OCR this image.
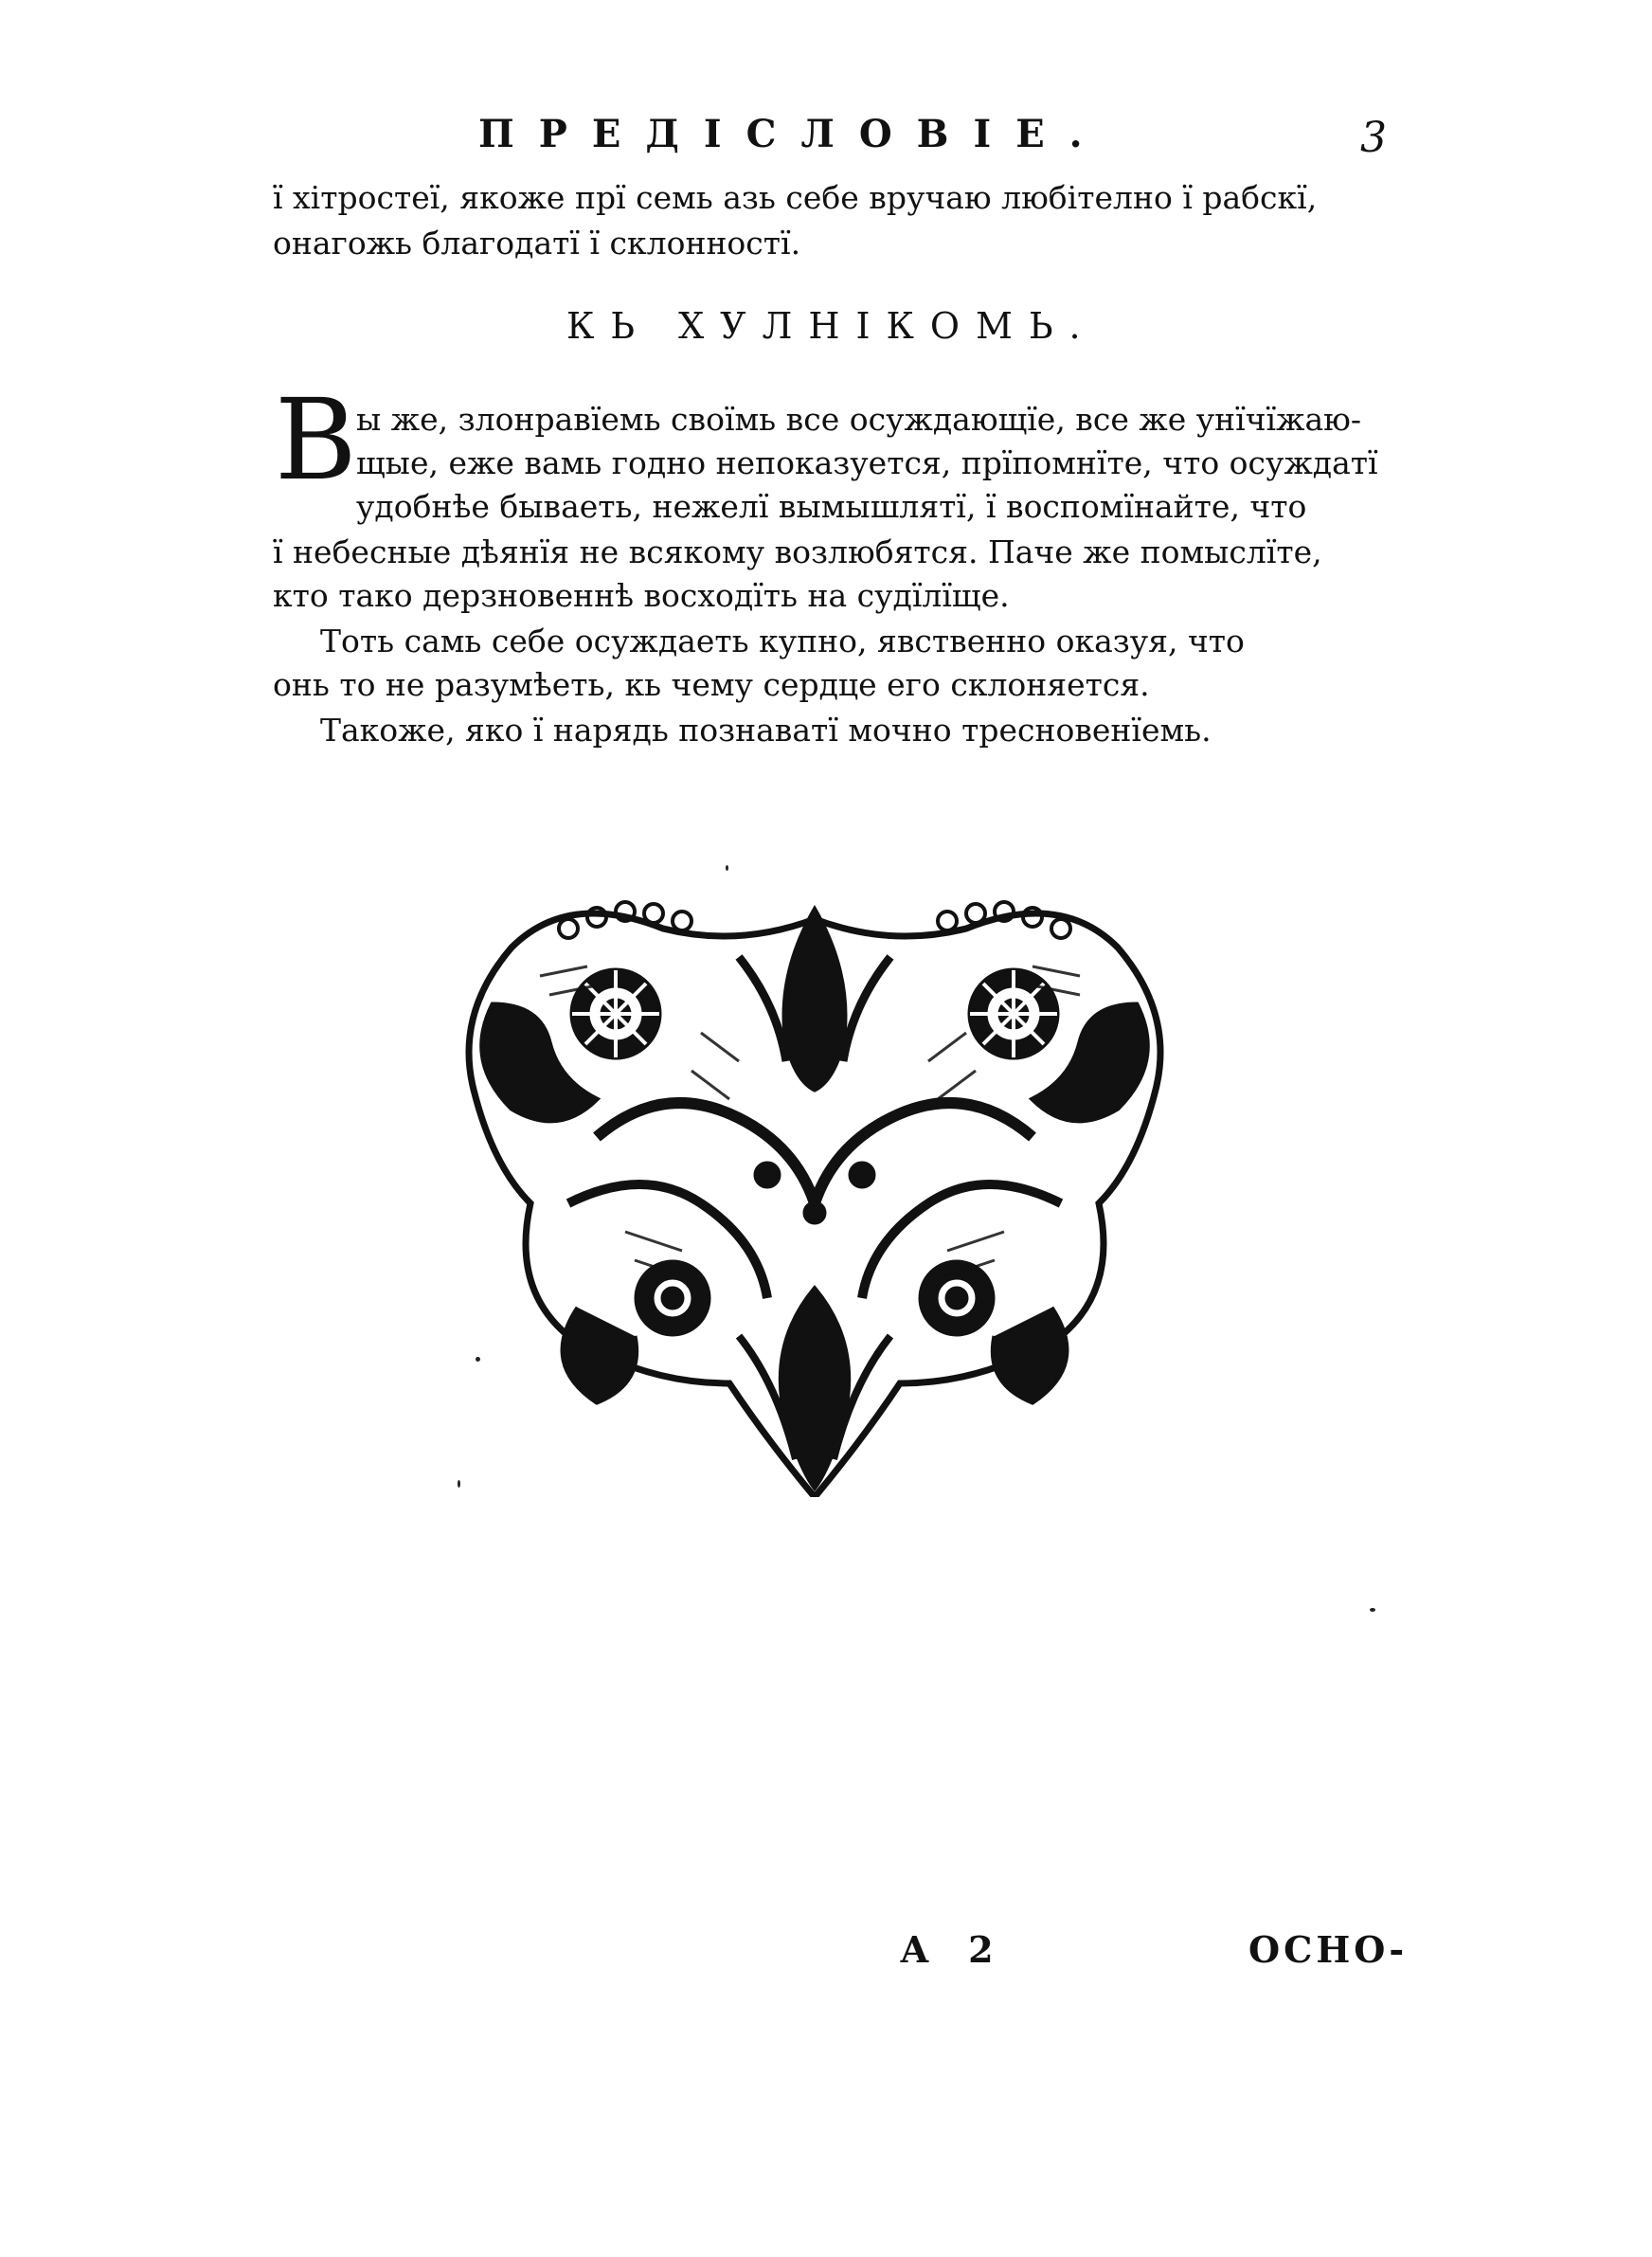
ПРЕДІСЛОВІЕ.	3
ї хітростеї, якоже прї семь азь себе вручаю любітелно ї рабскї,
онагожь благодатї ї склонностї.
КЬ ХУЛНІКОМЬ.
В ы же, злонравїемь своїмь все осуждающїе, все же унїчїжаю-
щые, еже вамь годно непоказуется, прїпомнїте, что осуждатї
удобнѣе бываеть, нежелї вымышлятї, ї воспомїнайте, что
ї небесные дѣянїя не всякому возлюбятся. Паче же помыслїте,
кто тако дерзновеннѣ восходїть на судїлїще.
Тоть самь себе осуждаеть купно, явственно оказуя, что
онь то не разумѣеть, кь чему сердце его склоняется.
Такоже, яко ї нарядь познаватї мочно тресновенїемь.
А 2	ОСНО-
